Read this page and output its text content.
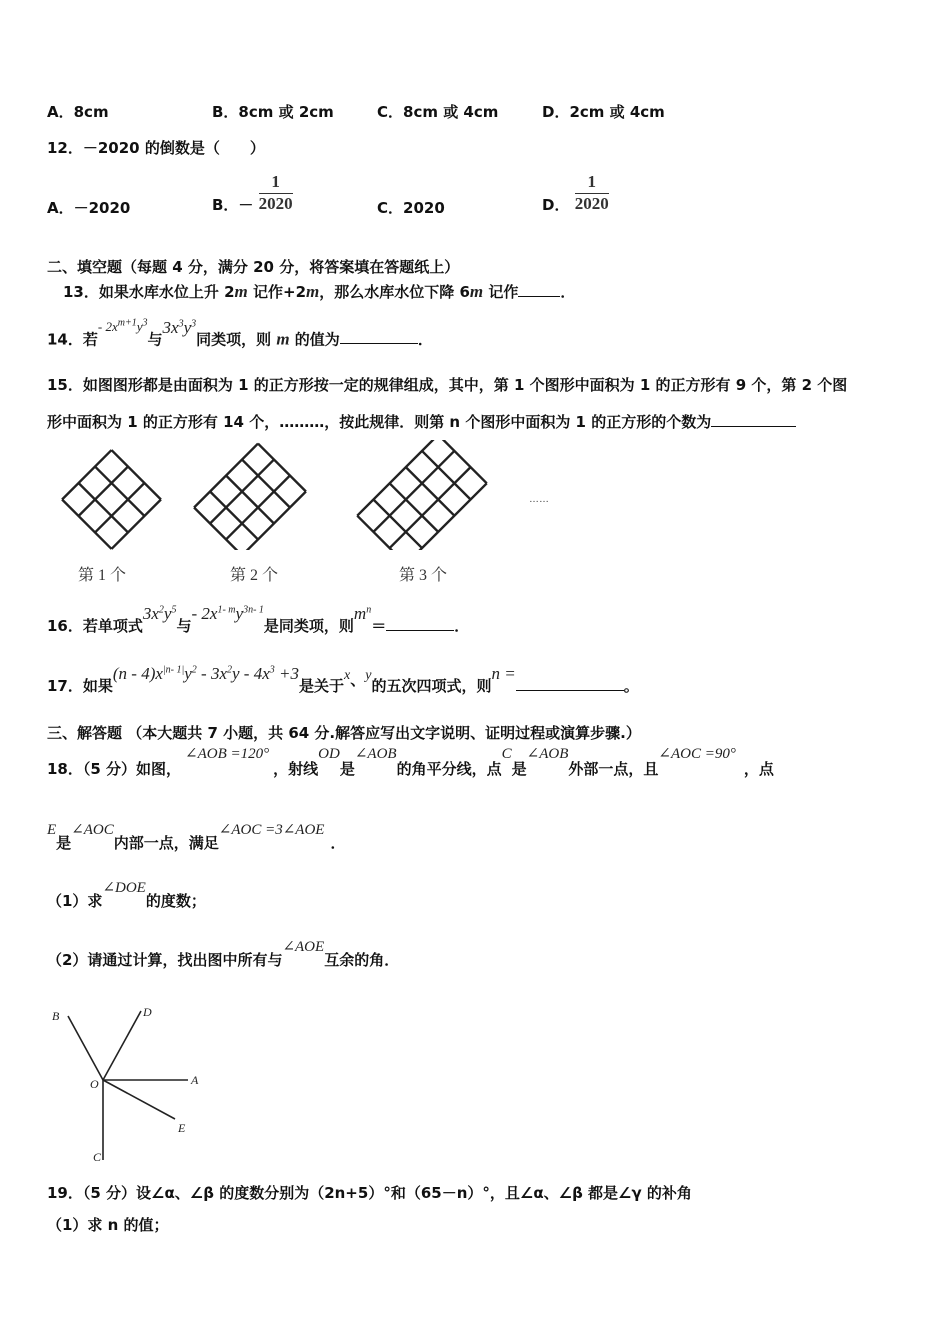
A．8cm	B．8cm 或 2cm	C．8cm 或 4cm	D．2cm 或 4cm
12．－2020 的倒数是（　　）
A．－2020	B．－ $\frac{1}{2020}$	C．2020	D． $\frac{1}{2020}$
二、填空题（每题 4 分，满分 20 分，将答案填在答题纸上）
13．如果水库水位上升 2m 记作+2m，那么水库水位下降 6m 记作	．
14．若- $2x^{m+1}y^3$与$3x^3y^3$同类项，则 m 的值为	．
15．如图图形都是由面积为 1 的正方形按一定的规律组成，其中，第 1 个图形中面积为 1 的正方形有 9 个，第 2 个图
形中面积为 1 的正方形有 14 个，………，按此规律．则第 n 个图形中面积为 1 的正方形的个数为
……
第 1 个	第 2 个	第 3 个
16．若单项式$3x^2y^5$与- $2x^{1- m}y^{3n- 1}$是同类项，则$m^n=$	．
17．如果$(n - 4)x^{|n- 1|}y^2 - 3x^2y - 4x^3 +3$是关于x、y的五次四项式，则n =。
三、解答题 （本大题共 7 小题，共 64 分.解答应写出文字说明、证明过程或演算步骤.）
18．（5 分）如图，∠AOB =120°，射线OD是∠AOB的角平分线，点C是∠AOB外部一点，且∠AOC =90°，点
E是∠AOC内部一点，满足∠AOC =3∠AOE．
（1）求∠DOE的度数；
（2）请通过计算，找出图中所有与∠AOE互余的角．
B	D
O	A
E
C
19．（5 分）设∠α、∠β 的度数分别为（2n+5）°和（65－n）°，且∠α、∠β 都是∠γ 的补角
（1）求 n 的值；
